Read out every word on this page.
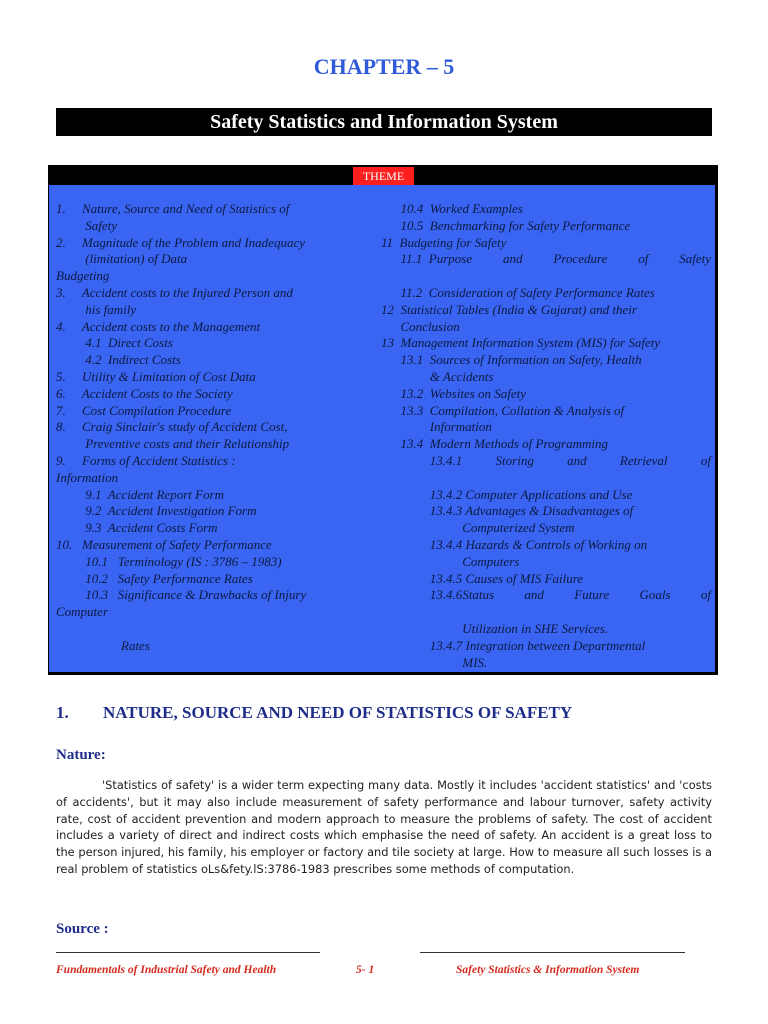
CHAPTER – 5
Safety Statistics and Information System
THEME
1.     Nature, Source and Need of Statistics of
Safety
2.     Magnitude of the Problem and Inadequacy
(limitation) of Data
Budgeting
3.     Accident costs to the Injured Person and
his family
4.     Accident costs to the Management
4.1  Direct Costs
4.2  Indirect Costs
5.     Utility & Limitation of Cost Data
6.     Accident Costs to the Society
7.     Cost Compilation Procedure
8.     Craig Sinclair's study of Accident Cost,
Preventive costs and their Relationship
9.     Forms of Accident Statistics :
Information
9.1  Accident Report Form
9.2  Accident Investigation Form
9.3  Accident Costs Form
10.   Measurement of Safety Performance
10.1   Terminology (IS : 3786 – 1983)
10.2   Safety Performance Rates
10.3   Significance & Drawbacks of Injury
Computer
Rates
10.4  Worked Examples
10.5  Benchmarking for Safety Performance
11  Budgeting for Safety
11.1  Purpose and Procedure of Safety
11.2  Consideration of Safety Performance Rates
12  Statistical Tables (India & Gujarat) and their
Conclusion
13  Management Information System (MIS) for Safety
13.1  Sources of Information on Safety, Health
& Accidents
13.2  Websites on Safety
13.3  Compilation, Collation & Analysis of
Information
13.4  Modern Methods of Programming
13.4.1	Storing	and	Retrieval	of
13.4.2 Computer Applications and Use
13.4.3 Advantages & Disadvantages of
Computerized System
13.4.4 Hazards & Controls of Working on
Computers
13.4.5 Causes of MIS Failure
13.4.6Status and Future Goals of
Utilization in SHE Services.
13.4.7 Integration between Departmental
MIS.
1. NATURE, SOURCE AND NEED OF STATISTICS OF SAFETY
Nature:
'Statistics of safety' is a wider term expecting many data. Mostly it includes 'accident statistics' and 'costs of accidents', but it may also include measurement of safety performance and labour turnover, safety activity rate, cost of accident prevention and modern approach to measure the problems of safety. The cost of accident includes a variety of direct and indirect costs which emphasise the need of safety. An accident is a great loss to the person injured, his family, his employer or factory and tile society at large. How to measure all such losses is a real problem of statistics oLs&fety.lS:3786-1983 prescribes some methods of computation.
Source :
Fundamentals of Industrial Safety and Health	5- 1	Safety Statistics & Information System
